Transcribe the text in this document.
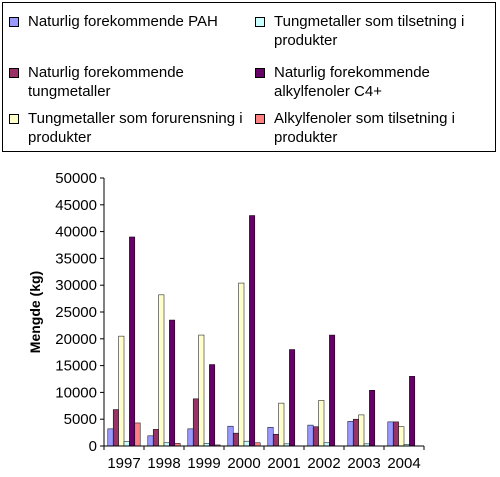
Naturlig forekommende PAH
Naturlig forekommende tungmetaller
Tungmetaller som forurensning i produkter
Tungmetaller som tilsetning i produkter
Naturlig forekommende alkylfenoler C4+
Alkylfenoler som tilsetning i produkter
0
5000
10000
15000
20000
25000
30000
35000
40000
45000
50000
1997 1998 1999 2000 2001 2002 2003 2004
Mengde (kg)
